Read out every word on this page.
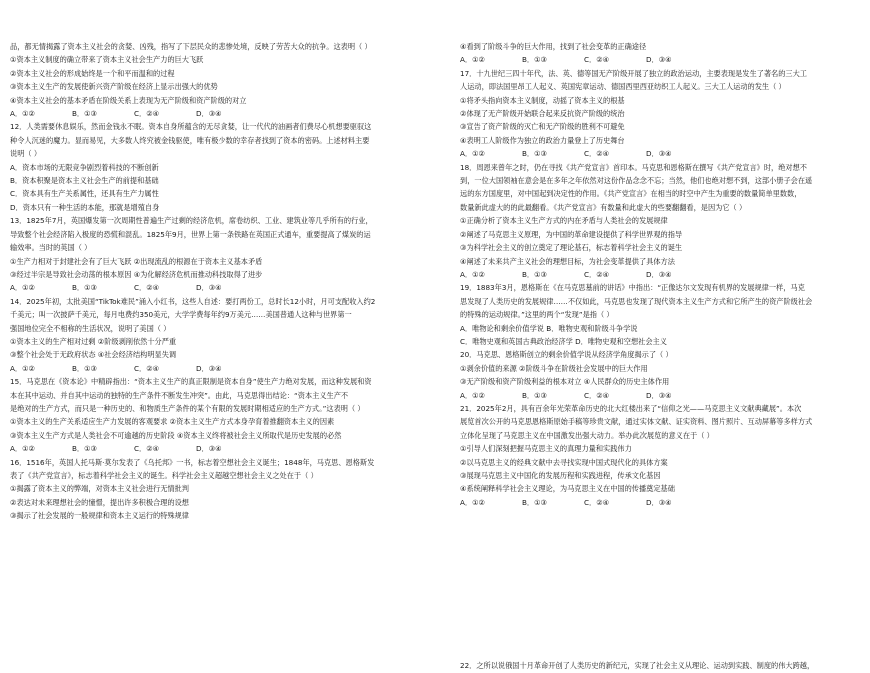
品，都无情揭露了资本主义社会的贪婪、凶残，指写了下层民众的悲惨处境，反映了劳苦大众的抗争。这表明（ ）
①资本主义制度的确立带来了资本主义社会生产力的巨大飞跃
②资本主义社会的形成始终是一个和平而温和的过程
③资本主义生产的发展使新兴资产阶级在经济上显示出强大的优势
④资本主义社会的基本矛盾在阶级关系上表现为无产阶级和资产阶级的对立
A．①②	B．①③	C．②④	D．③④
12．人类需要休息娱乐，然而金钱永不眠。资本自身所蕴含的无尽贪婪，让一代代的油画者们费尽心机想要驱驭这
种令人沉迷的魔力。显而易见，大多数人终究被金钱驱使，唯有极少数的幸存者找到了资本的密码。上述材料主要
说明（ ）
A．资本市场的无限竞争剧烈着科技的不断创新
B．资本积聚是资本主义社会生产的前提和基础
C．资本具有生产关系属性，还具有生产力属性
D．资本只有一种生活的本能，那就是增殖自身
13．1825年7月，英国爆发第一次周期性普遍生产过剩的经济危机，席卷纺织、工业、建筑业等几乎所有的行业，
导致整个社会经济陷入极度的恐慌和混乱。1825年9月，世界上第一条铁路在英国正式通车，重要提高了煤炭的运
输效率。当时的英国（ ）
①生产力相对于封建社会有了巨大飞跃 ②出现流乱的根源在于资本主义基本矛盾
③经过半宗是导致社会动荡的根本原因 ④为化解经济危机而推动科技取得了进步
A．①②	B．①③	C．②④	D．③④
14．2025年初，太批美国“TikTok难民”涌入小红书，这些人自述：要打两份工，总时长12小时，月可支配收入约2
千美元；叫一次披萨千美元，每月电费约350美元，大学学费每年约9万美元……美国普通人这种与世界第一
强国地位完全不相称的生活状况，说明了美国（ ）
①资本主义的生产相对过剩 ②阶级剥削依然十分严重
③整个社会处于无政府状态 ④社会经济结构明显失调
A．①②	B．①③	C．②④	D．③④
15．马克思在《资本论》中精辟指出：“资本主义生产的真正限制是资本自身”使生产力绝对发展，而这种发展和资
本在其中运动、并自其中运动的独特的生产条件不断发生冲突”。由此，马克思得出结论：“资本主义生产不
是绝对的生产方式，而只是一种历史的、和物质生产条件的某个有限的发展时期相适应的生产方式。”这表明（ ）
①资本主义的生产关系适应生产力发展的客观要求 ②资本主义生产方式本身孕育着推翻资本主义的因素
③资本主义生产方式是人类社会不可逾越的历史阶段 ④资本主义终将被社会主义所取代是历史发展的必然
A．①②	B．①③	C．②④	D．③④
16．1516年，英国人托马斯·莫尔发表了《乌托邦》一书，标志着空想社会主义诞生；1848年，马克思、恩格斯发
表了《共产党宣言》，标志着科学社会主义的诞生。科学社会主义超越空想社会主义之处在于（ ）
①揭露了资本主义的弊端，对资本主义社会进行无情批判
②表达对未来理想社会的憧憬，提出许多积极合理的设想
③揭示了社会发展的一般规律和资本主义运行的特殊规律
④看到了阶级斗争的巨大作用，找到了社会变革的正确途径
A．①②	B．①③	C．②④	D．③④
17．十九世纪三四十年代，法、英、德等国无产阶级开展了独立的政治运动，主要表现是发生了著名的三大工
人运动，即法国里昂工人起义、英国宪章运动、德国西里西亚纺织工人起义。三大工人运动的发生（ ）
①将矛头指向资本主义制度，动摇了资本主义的根基
②体现了无产阶级开始联合起来反抗资产阶级的统治
③宣告了资产阶级的灭亡和无产阶级的胜利不可避免
④表明工人阶级作为独立的政治力量登上了历史舞台
A．①②	B．①③	C．②④	D．③④
18．周恩来曾年之时，仍在寻找《共产党宣言》首印本。马克思和恩格斯在撰写《共产党宣言》时，绝对想不
到，一位大国领袖在意会是在多年之年依然对这份作品念念不忘；当然，他们也绝对想不到，这部小册子会在遥
远的东方国度里，对中国起到决定性的作用。《共产党宣言》在相当的时空中产生为重要的数量简单里数数，
数量新此虚大的的此最翻看。《共产党宣言》有数量和此虚大的些要翻翻看，是因为它（ ）
①正确分析了资本主义生产方式的内在矛盾与人类社会的发展规律
②阐述了马克思主义原理，为中国的革命建设提供了科学世界观的指导
③为科学社会主义的创立奠定了理论基石，标志着科学社会主义的诞生
④阐述了未来共产主义社会的理想目标，为社会变革提供了具体方法
A．①②	B．①③	C．②④	D．③④
19．1883年3月，恩格斯在《在马克思墓前的讲话》中指出：“正像达尔文发现有机界的发展规律一样，马克
思发现了人类历史的发展规律……不仅如此，马克思也发现了现代资本主义生产方式和它所产生的资产阶级社会
的特殊的运动规律。”这里的两个“发现”是指（ ）
A．唯物论和剩余价值学说 B．唯物史观和阶级斗争学说
C．唯物史观和英国古典政治经济学 D．唯物史观和空想社会主义
20．马克思、恩格斯创立的剩余价值学说从经济学角度揭示了（ ）
①剥余价值的来源 ②阶级斗争在阶级社会发展中的巨大作用
③无产阶级和资产阶级利益的根本对立 ④人民群众的历史主体作用
A．①②	B．①③	C．②④	D．③④
21．2025年2月，具有百余年光荣革命历史的北大红楼出来了“信仰之光——马克思主义文献典藏展”。本次
展览首次公开的马克思恩格斯原始手稿等珍贵文献，通过实体文献、证实资料、图片照片、互动屏幕等多样方式
立体化呈现了马克思主义在中国激发出强大动力。举办此次展览的意义在于（ ）
①引导人们深刻把握马克思主义的真理力量和实践伟力
②以马克思主义的经典文献中去寻找实现中国式现代化的具体方案
③展现马克思主义中国化的发展历程和实践进程，传承文化基因
④系统阐释科学社会主义理论，为马克思主义在中国的传播奠定基础
A．①②	B．①③	C．②④	D．③④
22．之所以说俄国十月革命开创了人类历史的新纪元，实现了社会主义从理论、运动到实践、制度的伟大跨越，
